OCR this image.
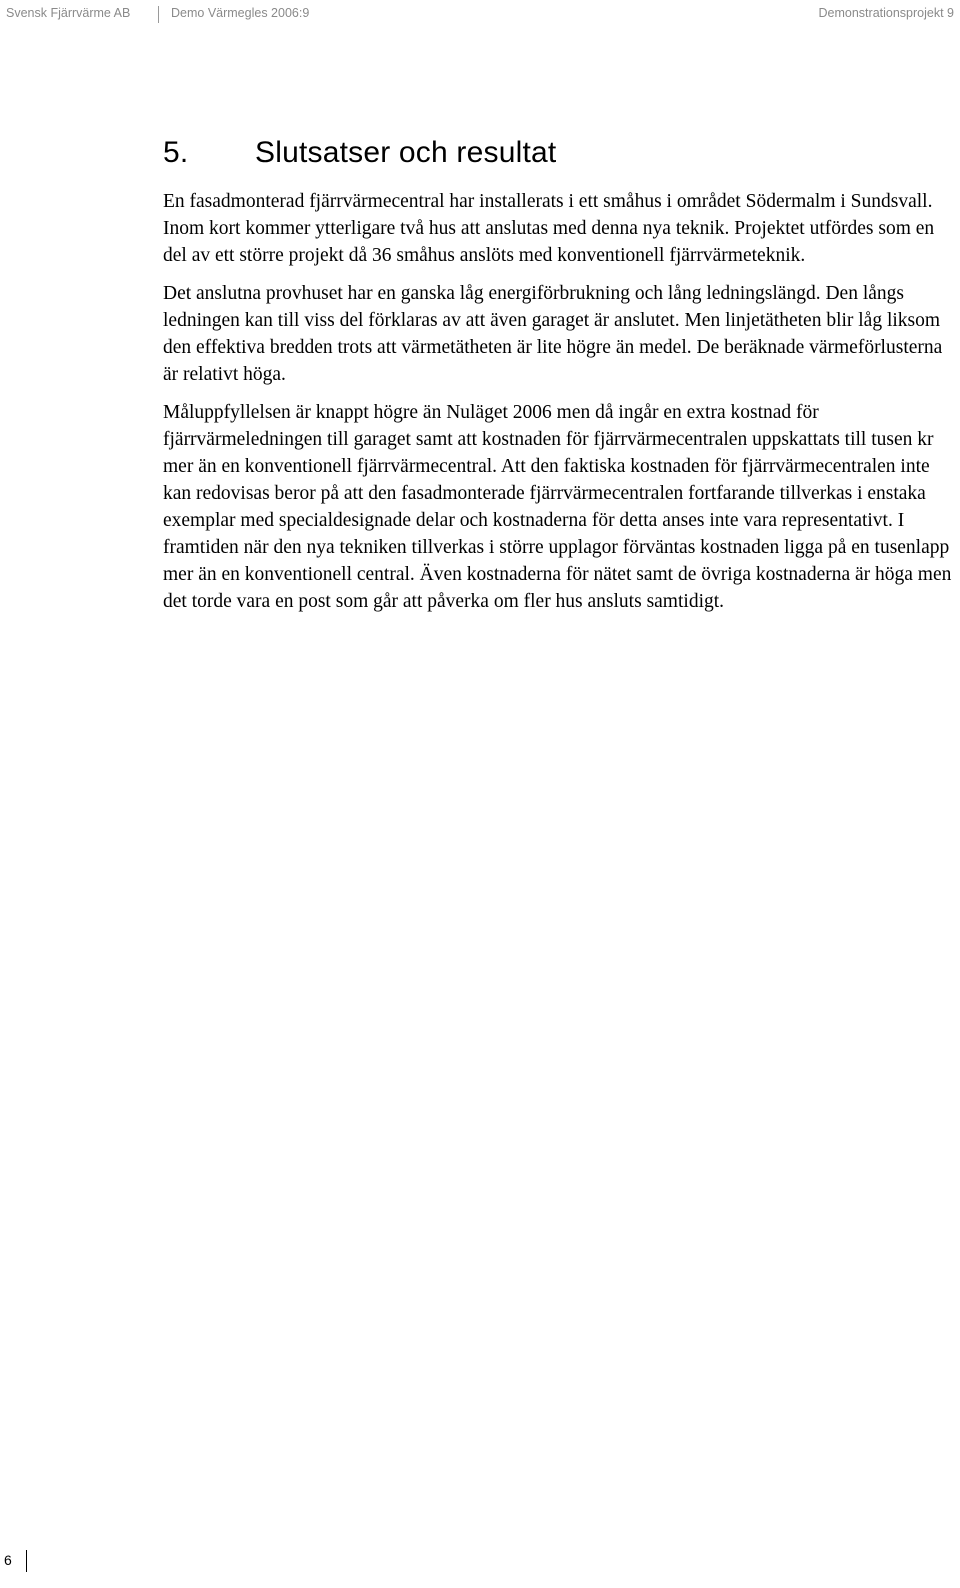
Svensk Fjärrvärme AB	Demo Värmegles 2006:9	Demonstrationsprojekt 9
5. Slutsatser och resultat

En fasadmonterad fjärrvärmecentral har installerats i ett småhus i området Södermalm i Sundsvall. Inom kort kommer ytterligare två hus att anslutas med denna nya teknik. Projektet utfördes som en del av ett större projekt då 36 småhus anslöts med konventionell fjärrvärmeteknik.

Det anslutna provhuset har en ganska låg energiförbrukning och lång ledningslängd. Den långs ledningen kan till viss del förklaras av att även garaget är anslutet. Men linjetätheten blir låg liksom den effektiva bredden trots att värmetätheten är lite högre än medel. De beräknade värmeförlusterna är relativt höga.

Måluppfyllelsen är knappt högre än Nuläget 2006 men då ingår en extra kostnad för fjärrvärmeledningen till garaget samt att kostnaden för fjärrvärmecentralen uppskattats till tusen kr mer än en konventionell fjärrvärmecentral. Att den faktiska kostnaden för fjärrvärmecentralen inte kan redovisas beror på att den fasadmonterade fjärrvärmecentralen fortfarande tillverkas i enstaka exemplar med specialdesignade delar och kostnaderna för detta anses inte vara representativt. I framtiden när den nya tekniken tillverkas i större upplagor förväntas kostnaden ligga på en tusenlapp mer än en konventionell central. Även kostnaderna för nätet samt de övriga kostnaderna är höga men det torde vara en post som går att påverka om fler hus ansluts samtidigt.

6
